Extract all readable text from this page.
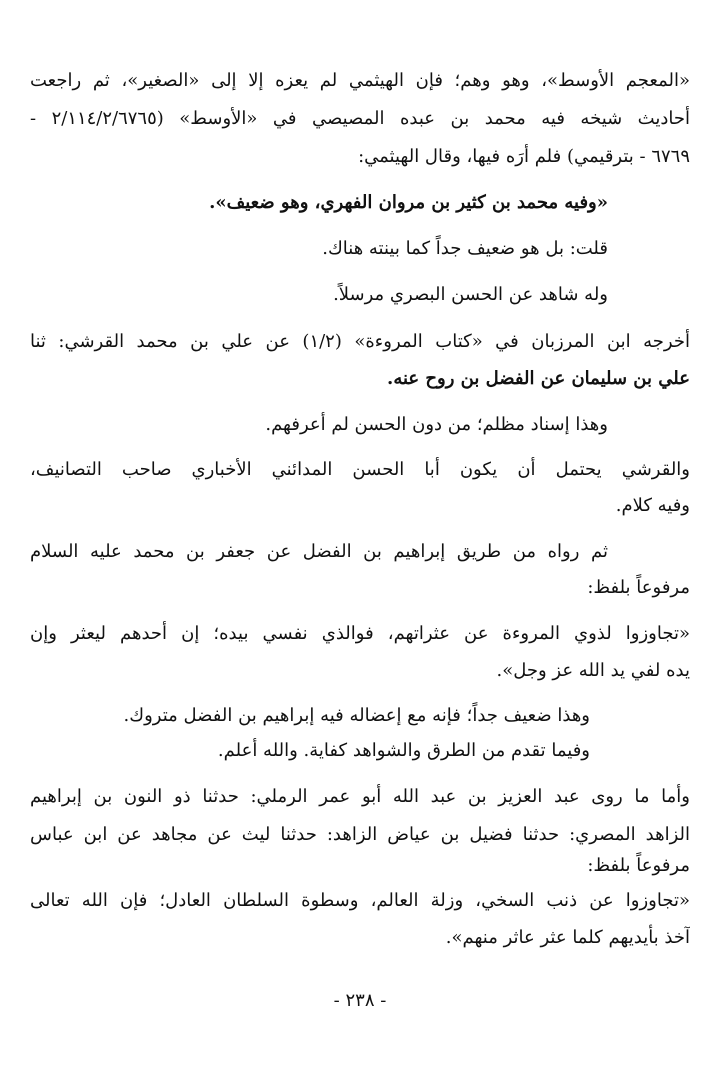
«المعجم الأوسط»، وهو وهم؛ فإن الهيثمي لم يعزه إلا إلى «الصغير»، ثم راجعت
أحاديث شيخه فيه محمد بن عبده المصيصي في «الأوسط» (٢/١١٤/٢/٦٧٦٥ -
٦٧٦٩ - بترقيمي) فلم أرَه فيها، وقال الهيثمي:
«وفيه محمد بن كثير بن مروان الفهري، وهو ضعيف».
قلت: بل هو ضعيف جداً كما بينته هناك.
وله شاهد عن الحسن البصري مرسلاً.
أخرجه ابن المرزبان في «كتاب المروءة» (١/٢) عن علي بن محمد القرشي: ثنا
علي بن سليمان عن الفضل بن روح عنه.
وهذا إسناد مظلم؛ من دون الحسن لم أعرفهم.
والقرشي يحتمل أن يكون أبا الحسن المدائني الأخباري صاحب التصانيف،
وفيه كلام.
ثم رواه من طريق إبراهيم بن الفضل عن جعفر بن محمد عليه السلام
مرفوعاً بلفظ:
«تجاوزوا لذوي المروءة عن عثراتهم، فوالذي نفسي بيده؛ إن أحدهم ليعثر وإن
يده لفي يد الله عز وجل».
وهذا ضعيف جداً؛ فإنه مع إعضاله فيه إبراهيم بن الفضل متروك.
وفيما تقدم من الطرق والشواهد كفاية. والله أعلم.
وأما ما روى عبد العزيز بن عبد الله أبو عمر الرملي: حدثنا ذو النون بن إبراهيم
الزاهد المصري: حدثنا فضيل بن عياض الزاهد: حدثنا ليث عن مجاهد عن ابن عباس
مرفوعاً بلفظ:
«تجاوزوا عن ذنب السخي، وزلة العالم، وسطوة السلطان العادل؛ فإن الله تعالى
آخذ بأيديهم كلما عثر عاثر منهم».
- ٢٣٨ -
